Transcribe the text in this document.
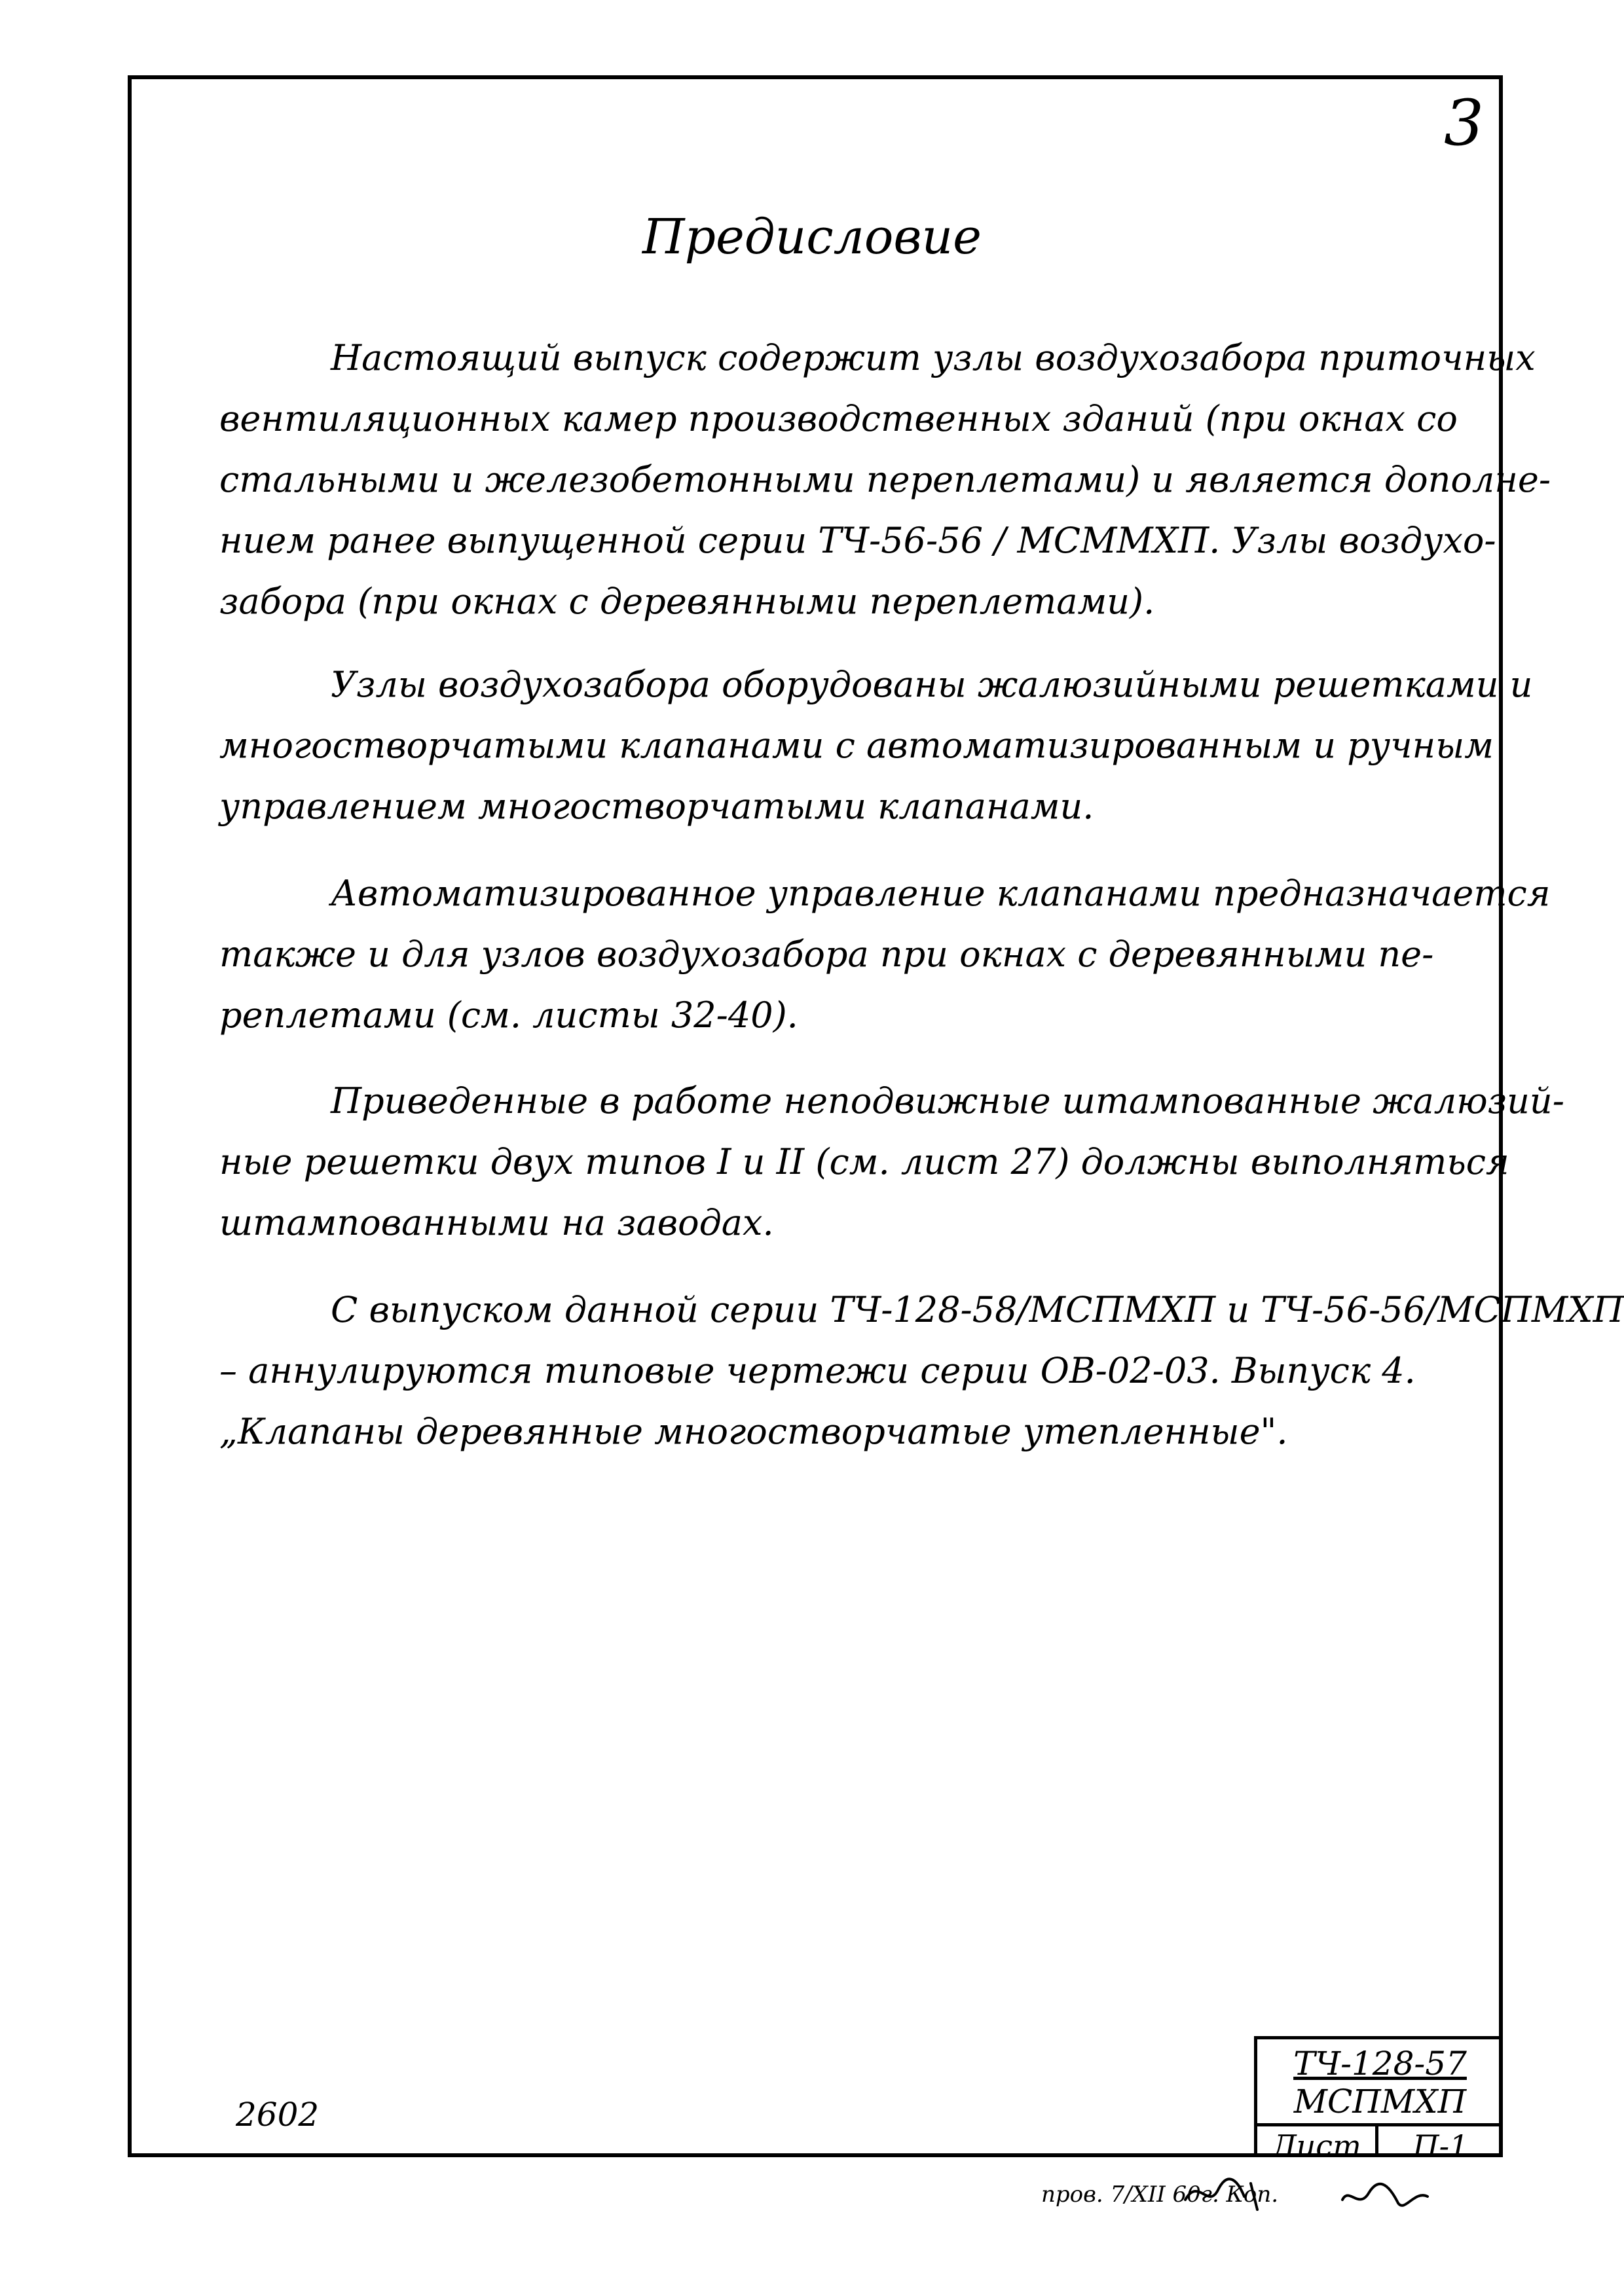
3
Предисловие
Настоящий выпуск содержит узлы воздухозабора приточных
вентиляционных камер производственных зданий (при окнах со
стальными и железобетонными переплетами) и является дополне-
нием ранее выпущенной серии ТЧ-56-56 / МСММХП. Узлы воздухо-
забора (при окнах с деревянными переплетами).
Узлы воздухозабора оборудованы жалюзийными решетками и
многостворчатыми клапанами с автоматизированным и ручным
управлением многостворчатыми клапанами.
Автоматизированное управление клапанами предназначается
также и для узлов воздухозабора при окнах с деревянными пе-
реплетами (см. листы 32-40).
Приведенные в работе неподвижные штампованные жалюзий-
ные решетки двух типов I и II (см. лист 27) должны выполняться
штампованными на заводах.
С выпуском данной серии ТЧ-128-58/МСПМХП и ТЧ-56-56/МСПМХП
– аннулируются типовые чертежи серии ОВ-02-03. Выпуск 4.
„Клапаны деревянные многостворчатые утепленные".
ТЧ-128-57
МСПМХП
Лист	П-1
2602
пров. 7/XII 60г. Коп.
